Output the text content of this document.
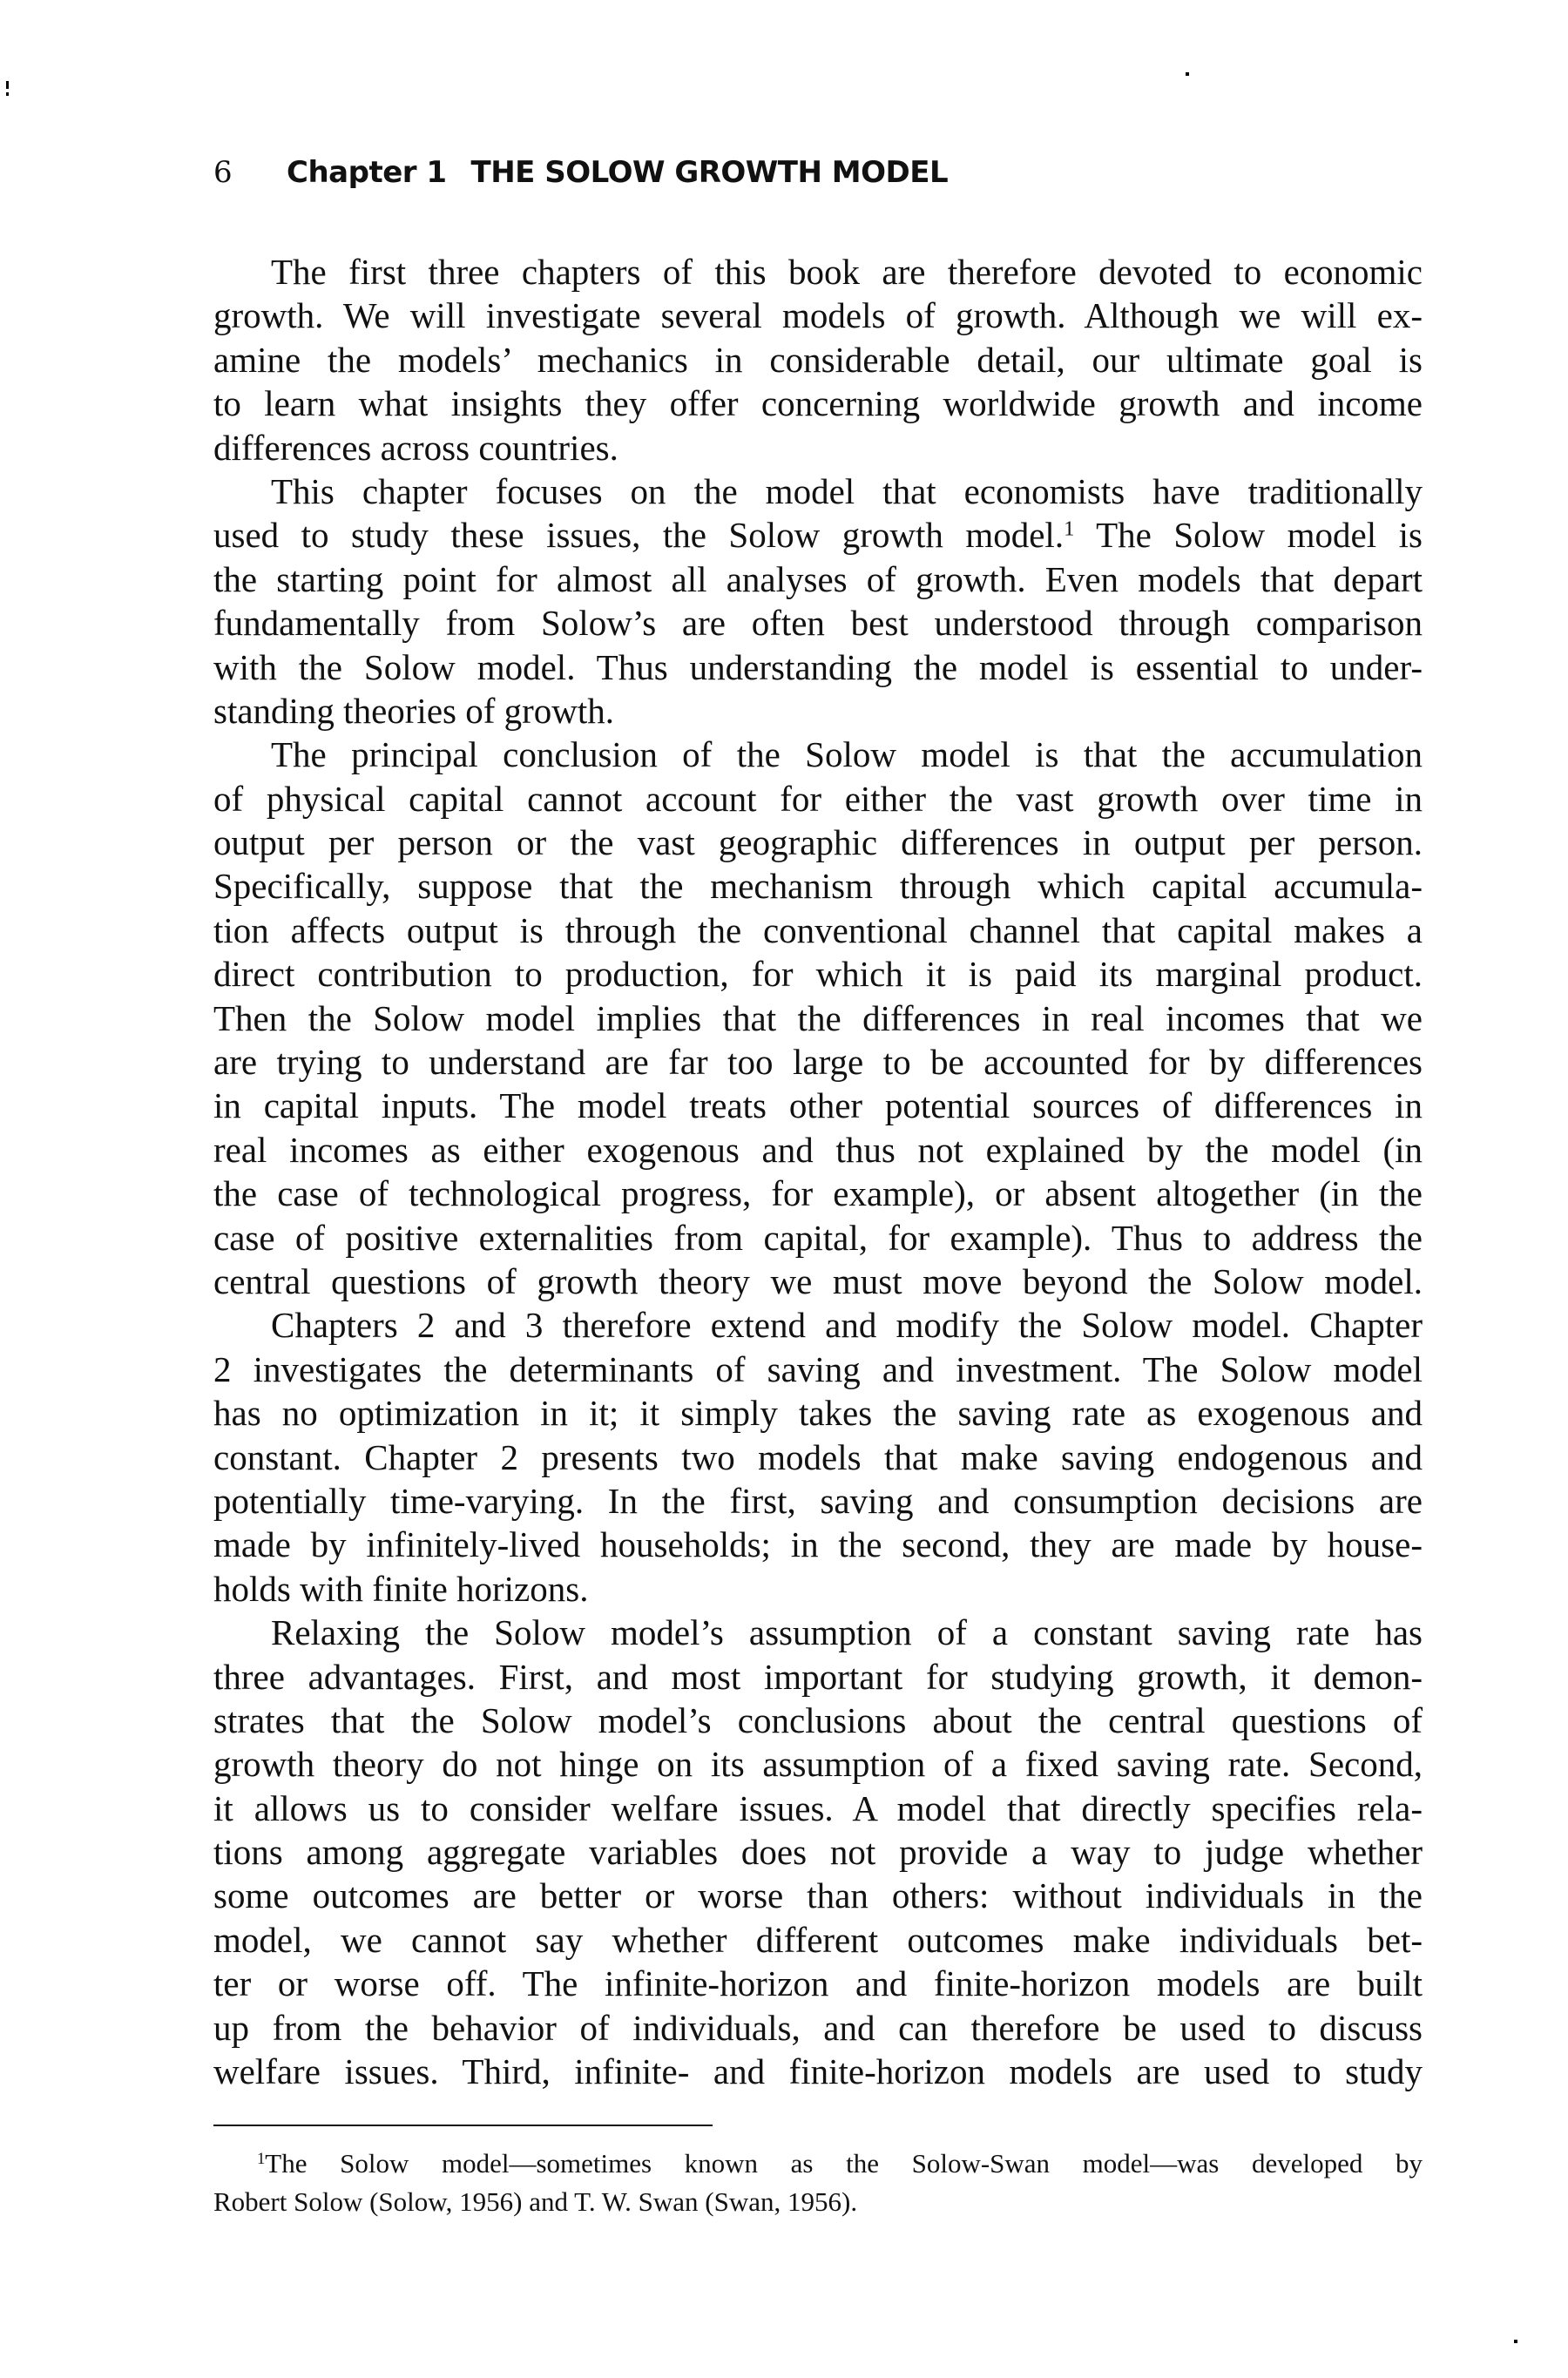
6 Chapter 1 THE SOLOW GROWTH MODEL
The first three chapters of this book are therefore devoted to economic
growth. We will investigate several models of growth. Although we will ex-
amine the models’ mechanics in considerable detail, our ultimate goal is
to learn what insights they offer concerning worldwide growth and income
differences across countries.
This chapter focuses on the model that economists have traditionally
used to study these issues, the Solow growth model.$^1$ The Solow model is
the starting point for almost all analyses of growth. Even models that depart
fundamentally from Solow’s are often best understood through comparison
with the Solow model. Thus understanding the model is essential to under-
standing theories of growth.
The principal conclusion of the Solow model is that the accumulation
of physical capital cannot account for either the vast growth over time in
output per person or the vast geographic differences in output per person.
Specifically, suppose that the mechanism through which capital accumula-
tion affects output is through the conventional channel that capital makes a
direct contribution to production, for which it is paid its marginal product.
Then the Solow model implies that the differences in real incomes that we
are trying to understand are far too large to be accounted for by differences
in capital inputs. The model treats other potential sources of differences in
real incomes as either exogenous and thus not explained by the model (in
the case of technological progress, for example), or absent altogether (in the
case of positive externalities from capital, for example). Thus to address the
central questions of growth theory we must move beyond the Solow model.
Chapters 2 and 3 therefore extend and modify the Solow model. Chapter
2 investigates the determinants of saving and investment. The Solow model
has no optimization in it; it simply takes the saving rate as exogenous and
constant. Chapter 2 presents two models that make saving endogenous and
potentially time-varying. In the first, saving and consumption decisions are
made by infinitely-lived households; in the second, they are made by house-
holds with finite horizons.
Relaxing the Solow model’s assumption of a constant saving rate has
three advantages. First, and most important for studying growth, it demon-
strates that the Solow model’s conclusions about the central questions of
growth theory do not hinge on its assumption of a fixed saving rate. Second,
it allows us to consider welfare issues. A model that directly specifies rela-
tions among aggregate variables does not provide a way to judge whether
some outcomes are better or worse than others: without individuals in the
model, we cannot say whether different outcomes make individuals bet-
ter or worse off. The infinite-horizon and finite-horizon models are built
up from the behavior of individuals, and can therefore be used to discuss
welfare issues. Third, infinite- and finite-horizon models are used to study
$^1$The Solow model—sometimes known as the Solow-Swan model—was developed by
Robert Solow (Solow, 1956) and T. W. Swan (Swan, 1956).
